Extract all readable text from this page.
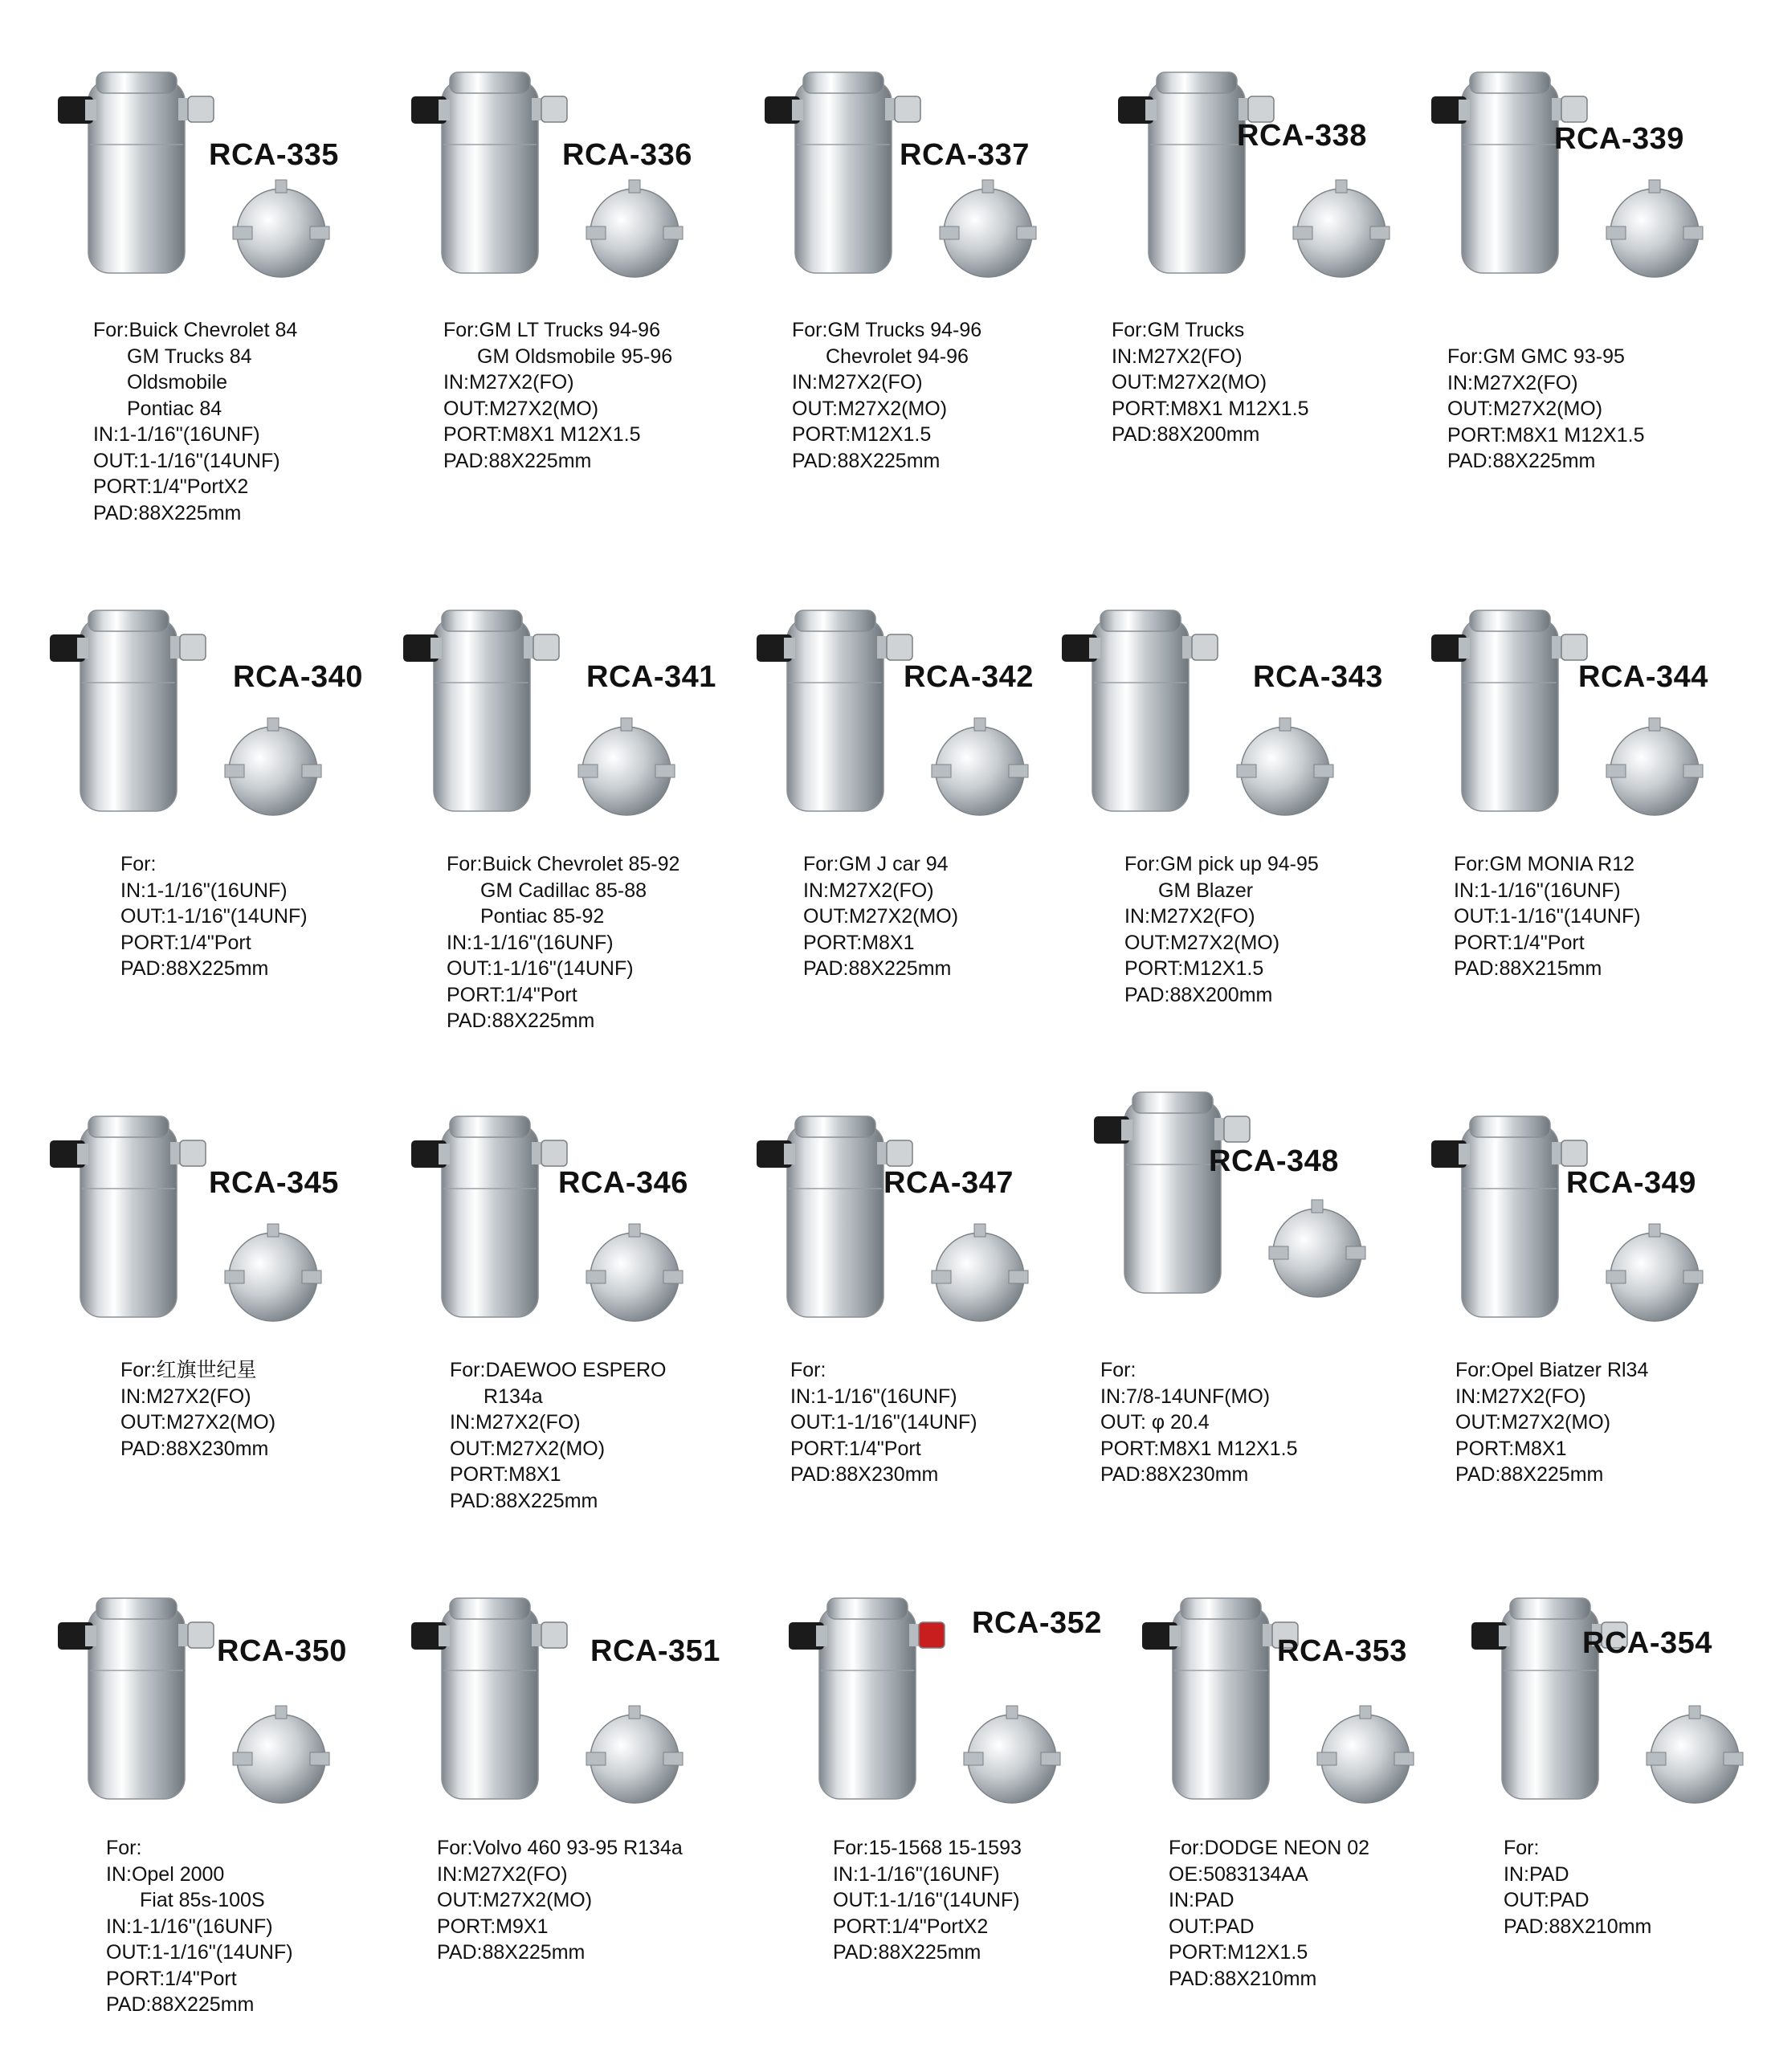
RCA-335
For:Buick Chevrolet 84
GM Trucks 84
Oldsmobile
Pontiac 84
IN:1-1/16"(16UNF)
OUT:1-1/16"(14UNF)
PORT:1/4"PortX2
PAD:88X225mm
RCA-336
For:GM LT Trucks 94-96
GM Oldsmobile 95-96
IN:M27X2(FO)
OUT:M27X2(MO)
PORT:M8X1 M12X1.5
PAD:88X225mm
RCA-337
For:GM Trucks 94-96
Chevrolet 94-96
IN:M27X2(FO)
OUT:M27X2(MO)
PORT:M12X1.5
PAD:88X225mm
RCA-338
For:GM Trucks
IN:M27X2(FO)
OUT:M27X2(MO)
PORT:M8X1 M12X1.5
PAD:88X200mm
RCA-339
For:GM GMC 93-95
IN:M27X2(FO)
OUT:M27X2(MO)
PORT:M8X1 M12X1.5
PAD:88X225mm
RCA-340
For:
IN:1-1/16"(16UNF)
OUT:1-1/16"(14UNF)
PORT:1/4"Port
PAD:88X225mm
RCA-341
For:Buick Chevrolet 85-92
GM Cadillac 85-88
Pontiac 85-92
IN:1-1/16"(16UNF)
OUT:1-1/16"(14UNF)
PORT:1/4"Port
PAD:88X225mm
RCA-342
For:GM J car 94
IN:M27X2(FO)
OUT:M27X2(MO)
PORT:M8X1
PAD:88X225mm
RCA-343
For:GM pick up 94-95
GM Blazer
IN:M27X2(FO)
OUT:M27X2(MO)
PORT:M12X1.5
PAD:88X200mm
RCA-344
For:GM MONIA R12
IN:1-1/16"(16UNF)
OUT:1-1/16"(14UNF)
PORT:1/4"Port
PAD:88X215mm
RCA-345
For:红旗世纪星
IN:M27X2(FO)
OUT:M27X2(MO)
PAD:88X230mm
RCA-346
For:DAEWOO ESPERO
R134a
IN:M27X2(FO)
OUT:M27X2(MO)
PORT:M8X1
PAD:88X225mm
RCA-347
For:
IN:1-1/16"(16UNF)
OUT:1-1/16"(14UNF)
PORT:1/4"Port
PAD:88X230mm
RCA-348
For:
IN:7/8-14UNF(MO)
OUT: φ 20.4
PORT:M8X1 M12X1.5
PAD:88X230mm
RCA-349
For:Opel Biatzer Rl34
IN:M27X2(FO)
OUT:M27X2(MO)
PORT:M8X1
PAD:88X225mm
RCA-350
For:
IN:Opel 2000
Fiat 85s-100S
IN:1-1/16"(16UNF)
OUT:1-1/16"(14UNF)
PORT:1/4"Port
PAD:88X225mm
RCA-351
For:Volvo 460 93-95 R134a
IN:M27X2(FO)
OUT:M27X2(MO)
PORT:M9X1
PAD:88X225mm
RCA-352
For:15-1568 15-1593
IN:1-1/16"(16UNF)
OUT:1-1/16"(14UNF)
PORT:1/4"PortX2
PAD:88X225mm
RCA-353
For:DODGE NEON 02
OE:5083134AA
IN:PAD
OUT:PAD
PORT:M12X1.5
PAD:88X210mm
RCA-354
For:
IN:PAD
OUT:PAD
PAD:88X210mm
